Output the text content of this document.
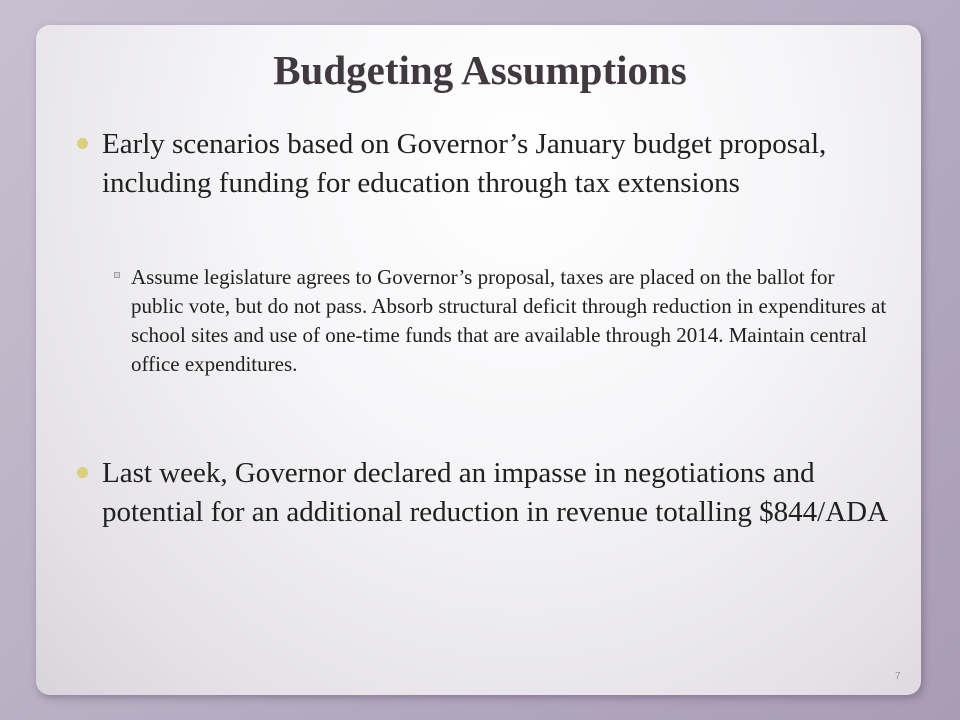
Budgeting Assumptions
Early scenarios based on Governor’s January budget proposal, including funding for education through tax extensions
Assume legislature agrees to Governor’s proposal, taxes are placed on the ballot for public vote, but do not pass. Absorb structural deficit through reduction in expenditures at school sites and use of one-time funds that are available through 2014. Maintain central office expenditures.
Last week, Governor declared an impasse in negotiations and potential for an additional reduction in revenue totalling $844/ADA
7
